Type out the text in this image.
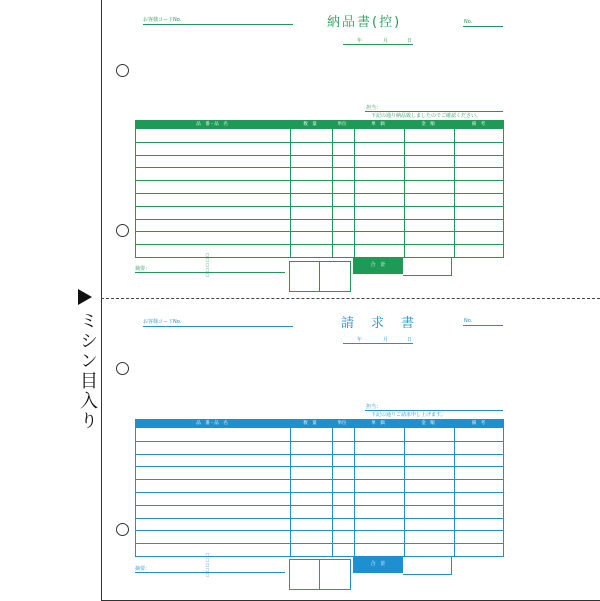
ミシン目入り
□□□□□
お客様コードNo.	納品書(控)	No.
年	月	日
担当：
下記の通り納品致しましたのでご確認ください。
品　番・品　名	数　量	単位	単　価	金　額	備　考
摘要：
合　計
□□□□□
お客様コードNo.	請　求　書	No.
年	月	日
担当：
下記の通りご請求申し上げます。
品　番・品　名	数　量	単位	単　価	金　額	備　考
摘要：
合　計
